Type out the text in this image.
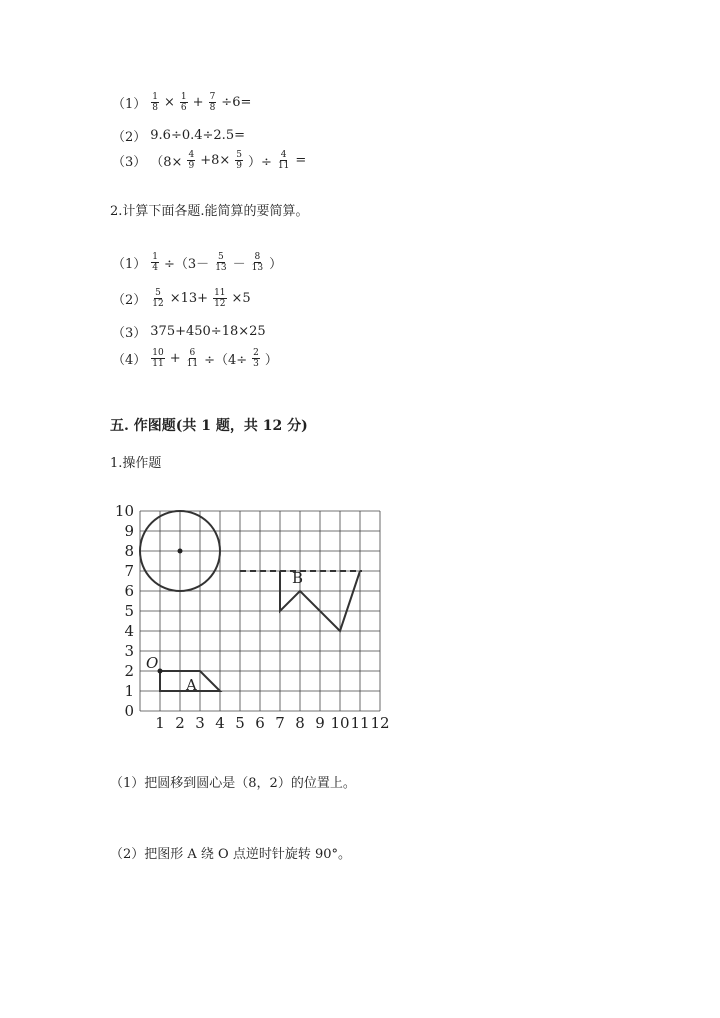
$(1) \frac{1}{8} \times \frac{1}{6} + \frac{7}{8} \div 6=$
（2） 9.6÷0.4÷2.5=
（3） （$8\times \frac{4}{9} +8\times \frac{5}{9}$ ）÷ $\frac{4}{11}$ =
2.计算下面各题.能简算的要简算。
$(1) \frac{1}{4} \div(3- \frac{5}{13} - \frac{8}{13}$ ）
$(2) \frac{5}{12} \times 13+ \frac{11}{12} \times 5$
（3） 375+450÷18×25
$(4) \frac{10}{11} + \frac{6}{11} \div(4\div \frac{2}{3}$ ）
五. 作图题(共 1 题，共 12 分)
1.操作题
1 2 3 4 5 6 7 8 9 10 11 12
0
1
2
3
4
5
6
7
8
9
10
B
A
O
（1）把圆移到圆心是（8，2）的位置上。
（2）把图形 A 绕 O 点逆时针旋转 90°。
